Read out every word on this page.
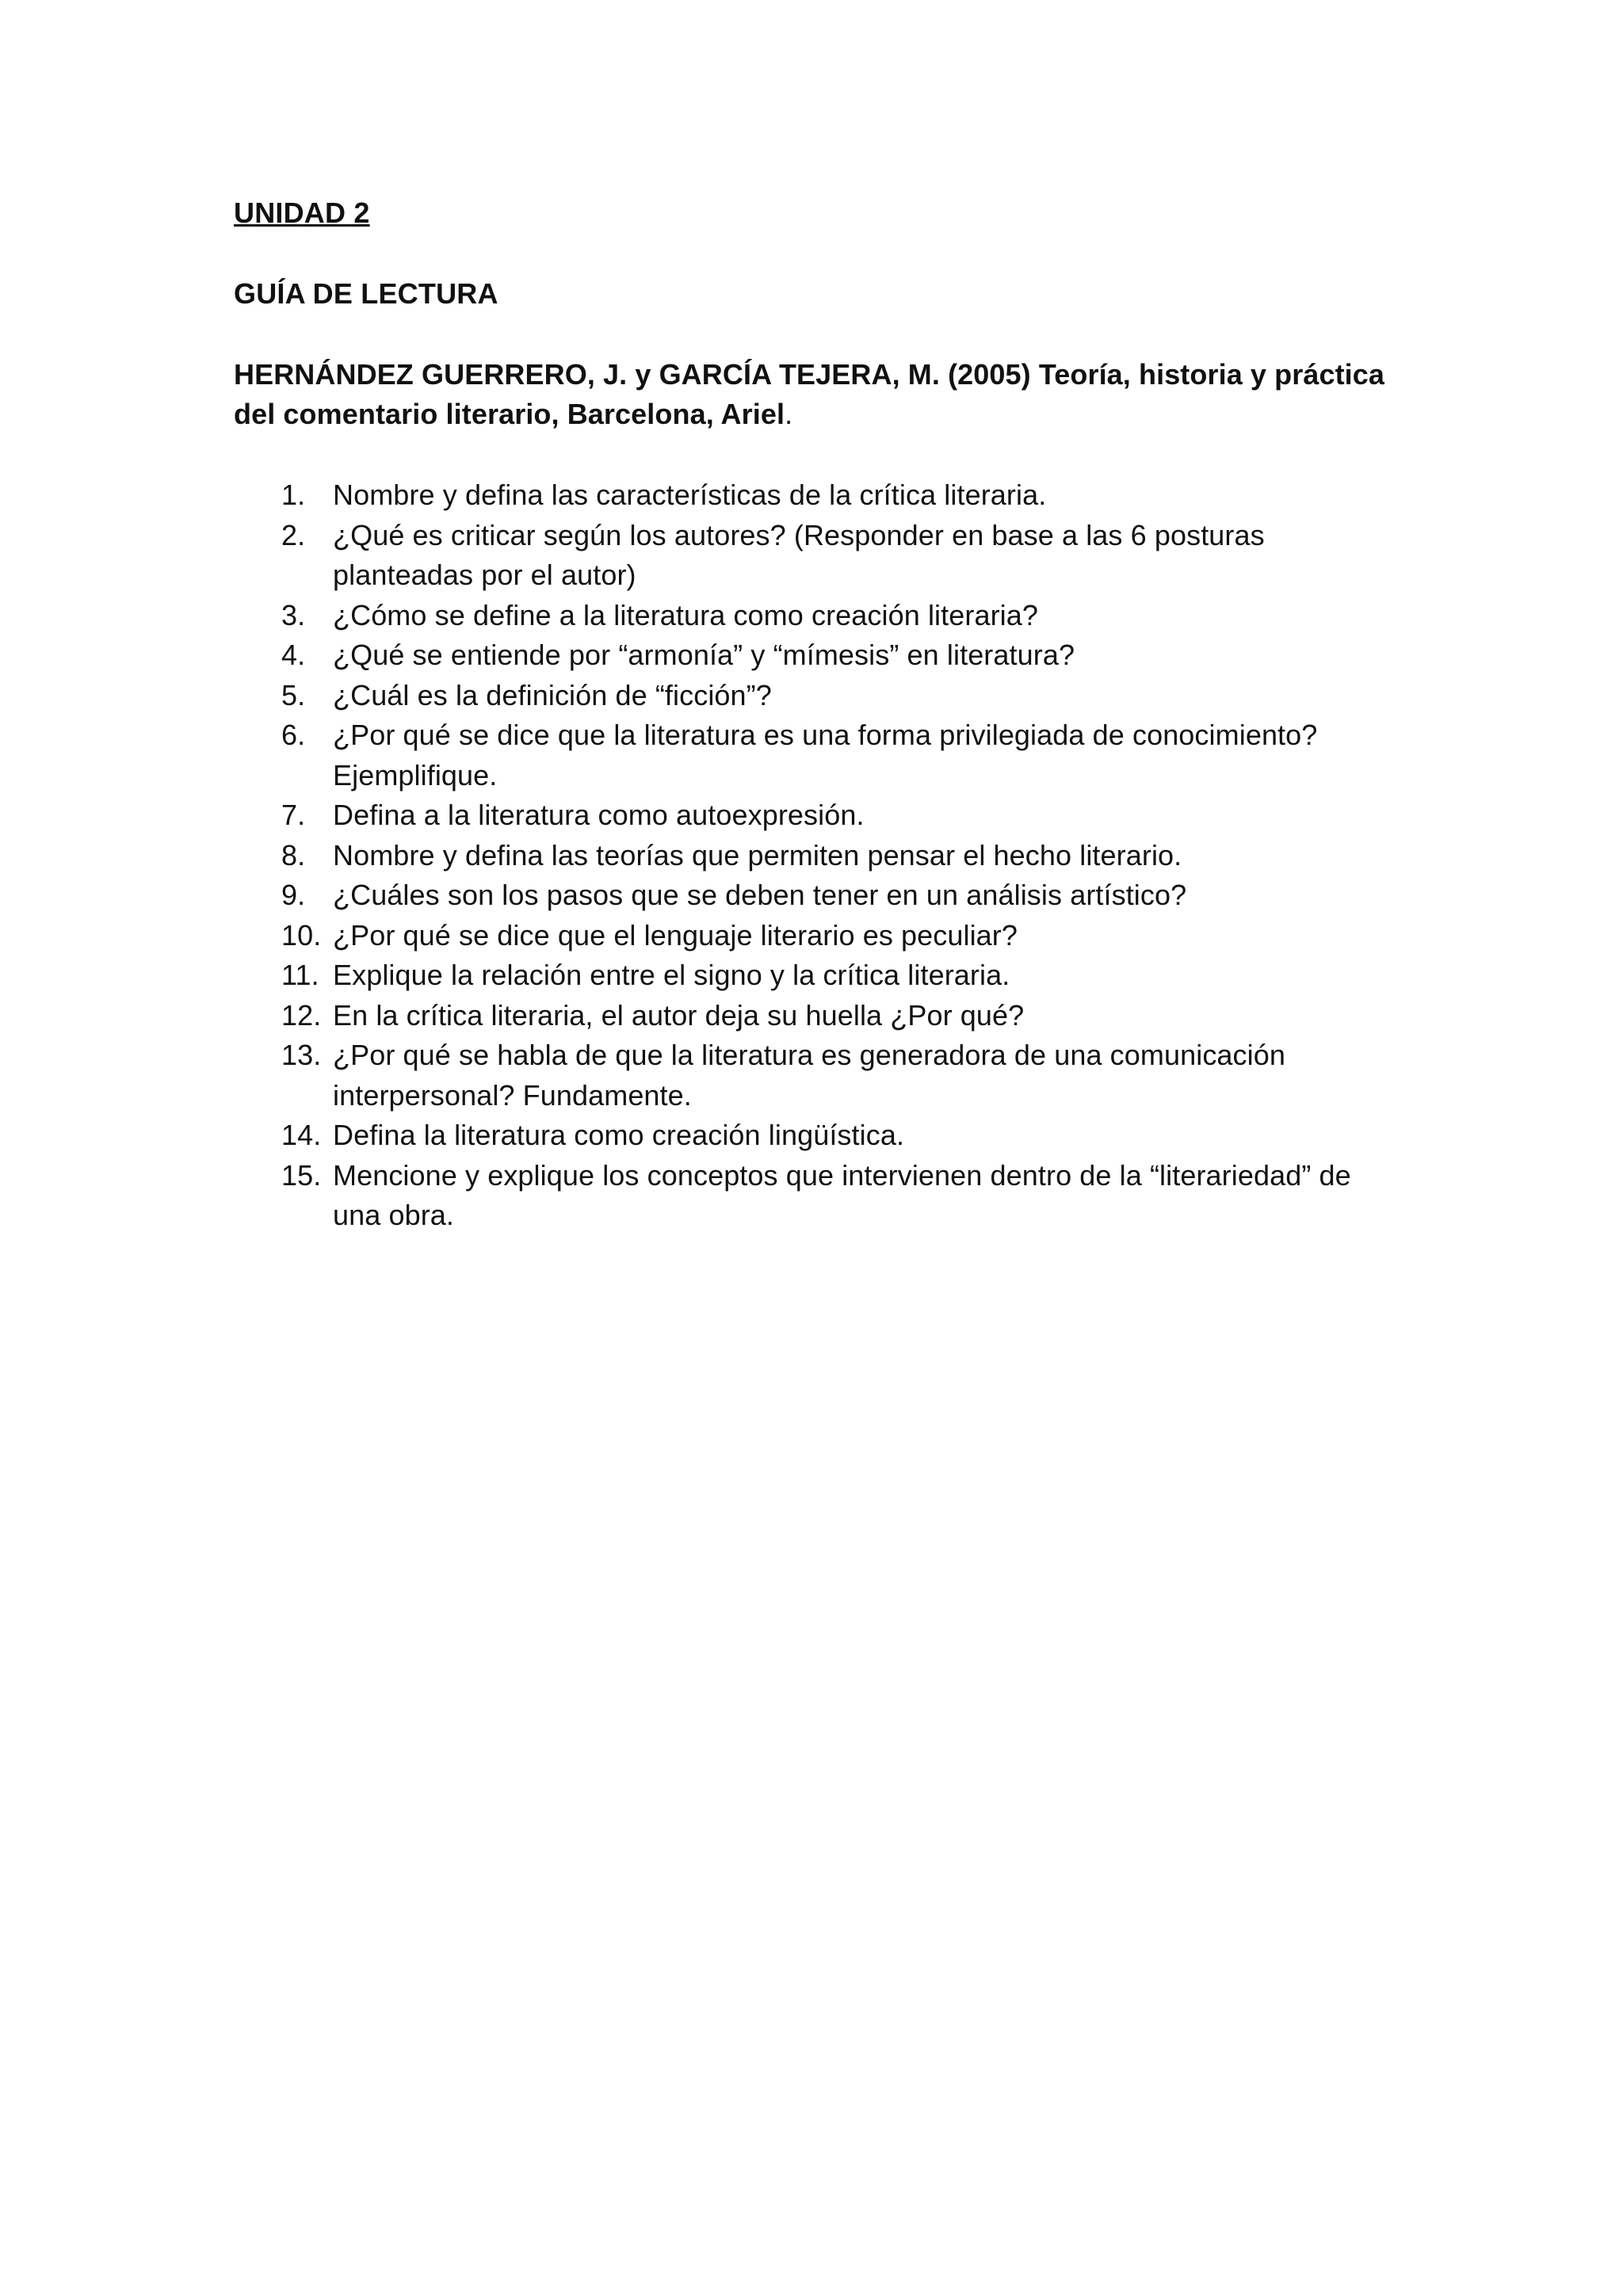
UNIDAD 2

GUÍA DE LECTURA

HERNÁNDEZ GUERRERO, J. y GARCÍA TEJERA, M. (2005) Teoría, historia y práctica del comentario literario, Barcelona, Ariel.

1. Nombre y defina las características de la crítica literaria.
2. ¿Qué es criticar según los autores? (Responder en base a las 6 posturas planteadas por el autor)
3. ¿Cómo se define a la literatura como creación literaria?
4. ¿Qué se entiende por “armonía” y “mímesis” en literatura?
5. ¿Cuál es la definición de “ficción”?
6. ¿Por qué se dice que la literatura es una forma privilegiada de conocimiento? Ejemplifique.
7. Defina a la literatura como autoexpresión.
8. Nombre y defina las teorías que permiten pensar el hecho literario.
9. ¿Cuáles son los pasos que se deben tener en un análisis artístico?
10. ¿Por qué se dice que el lenguaje literario es peculiar?
11. Explique la relación entre el signo y la crítica literaria.
12. En la crítica literaria, el autor deja su huella ¿Por qué?
13. ¿Por qué se habla de que la literatura es generadora de una comunicación interpersonal? Fundamente.
14. Defina la literatura como creación lingüística.
15. Mencione y explique los conceptos que intervienen dentro de la “literariedad” de una obra.
